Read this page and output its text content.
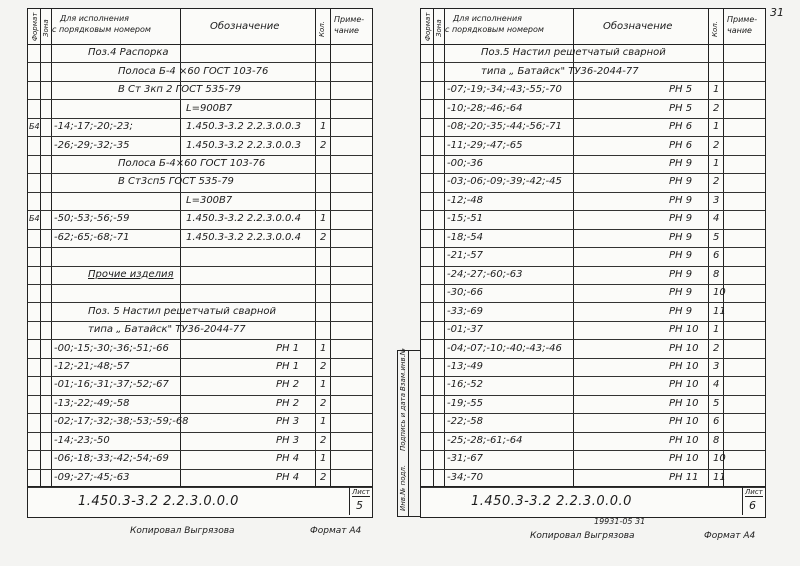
Формат Зона
Для исполнения
с порядковым номером	Обозначение	Кол.
Приме-
чание
Поз.4 Распорка
Полоса Б-4 ×60 ГОСТ 103-76
В Ст 3кп 2 ГОСТ 535-79
L=900В7
Б4 -14;-17;-20;-23;	1.450.3-3.2 2.2.3.0.0.3 1
-26;-29;-32;-35	1.450.3-3.2 2.2.3.0.0.3 2
Полоса Б-4×60 ГОСТ 103-76
В Ст3сп5 ГОСТ 535-79
L=300В7
Б4 -50;-53;-56;-59	1.450.3-3.2 2.2.3.0.0.4 1
-62;-65;-68;-71	1.450.3-3.2 2.2.3.0.0.4 2
Прочие изделия
Поз. 5 Настил решетчатый сварной
типа „ Батайск" ТУ36-2044-77
-00;-15;-30;-36;-51;-66	РН 1 1
-12;-21;-48;-57	РН 1 2
-01;-16;-31;-37;-52;-67	РН 2 1
-13;-22;-49;-58	РН 2 2
-02;-17;-32;-38;-53;-59;-68	РН 3 1
-14;-23;-50	РН 3 2
-06;-18;-33;-42;-54;-69	РН 4 1
-09;-27;-45;-63	РН 4 2
1.450.3-3.2 2.2.3.0.0.0
Лист
5
Копировал Выгрязова	Формат А4
Инв.№ подл.
Подпись и дата
Взам.инв.№
Формат Зона
Для исполнения
с порядковым номером	Обозначение	Кол.
Приме-
чание
Поз.5 Настил решетчатый сварной
типа „ Батайск" ТУ36-2044-77
-07;-19;-34;-43;-55;-70	РН 5 1
-10;-28;-46;-64	РН 5 2
-08;-20;-35;-44;-56;-71	РН 6 1
-11;-29;-47;-65	РН 6 2
-00;-36	РН 9 1
-03;-06;-09;-39;-42;-45	РН 9 2
-12;-48	РН 9 3
-15;-51	РН 9 4
-18;-54	РН 9 5
-21;-57	РН 9 6
-24;-27;-60;-63	РН 9 8
-30;-66	РН 9 10
-33;-69	РН 9 11
-01;-37	РН 10 1
-04;-07;-10;-40;-43;-46	РН 10 2
-13;-49	РН 10 3
-16;-52	РН 10 4
-19;-55	РН 10 5
-22;-58	РН 10 6
-25;-28;-61;-64	РН 10 8
-31;-67	РН 10 10
-34;-70	РН 11 11
1.450.3-3.2 2.2.3.0.0.0
Лист
6
31
19931-05 31
Копировал Выгрязова	Формат А4
